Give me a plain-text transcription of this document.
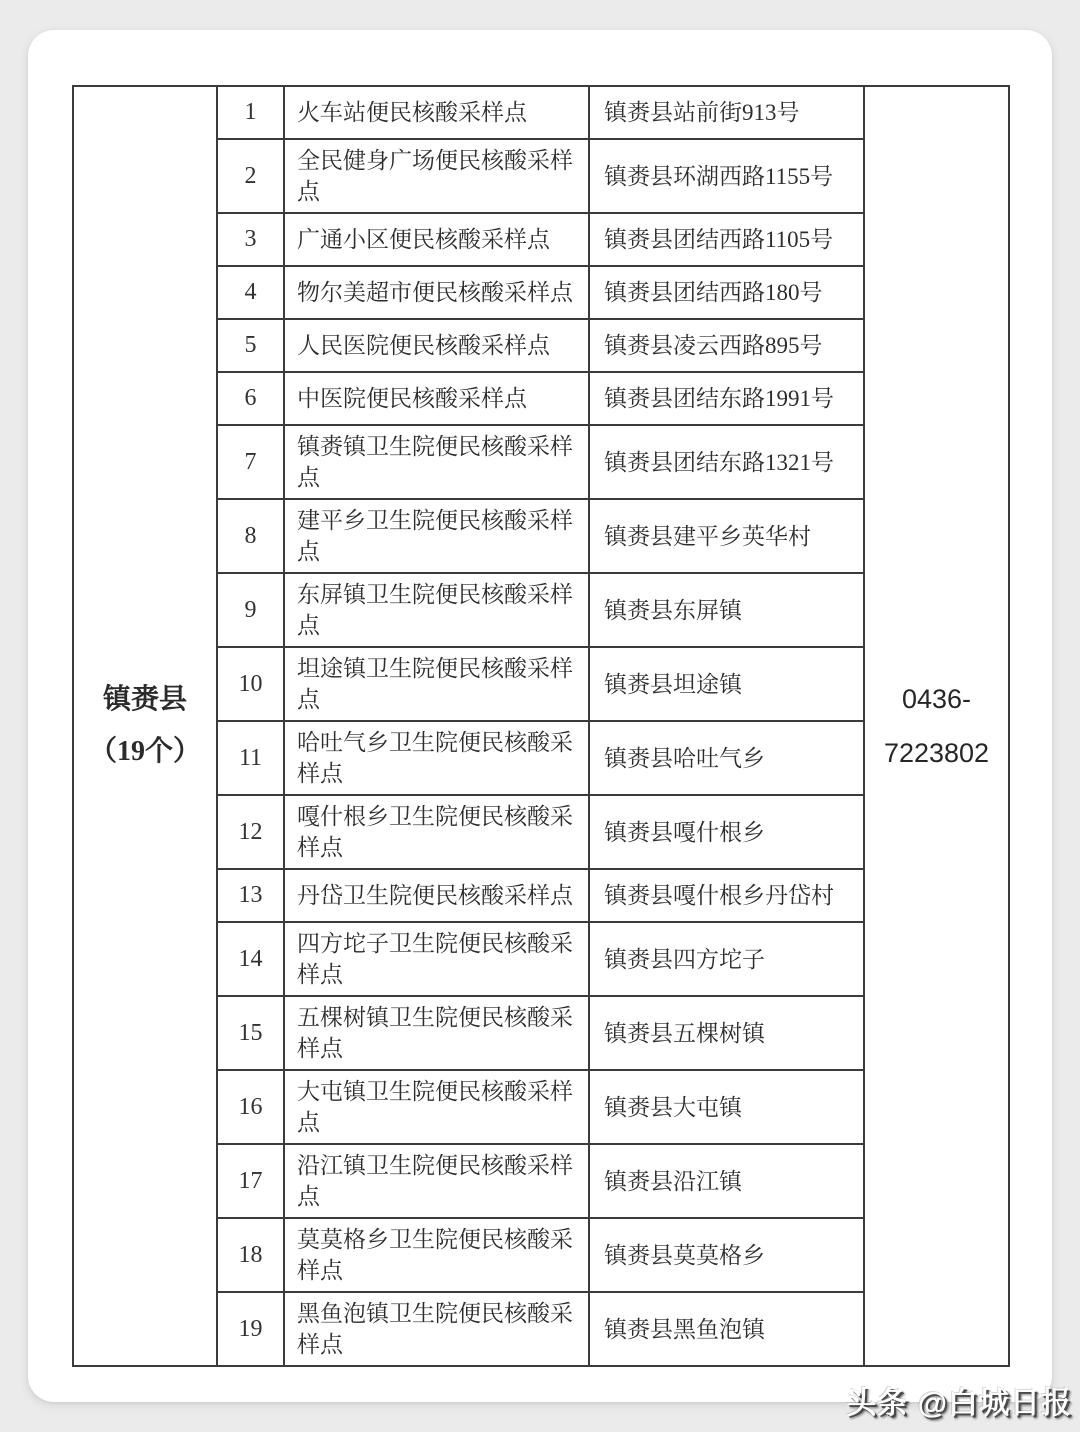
镇赉县
（19个）
	1	火车站便民核酸采样点	镇赉县站前街913号	
0436-
7223802

	2	全民健身广场便民核酸采样点	镇赉县环湖西路1155号	
	3	广通小区便民核酸采样点	镇赉县团结西路1105号	
	4	物尔美超市便民核酸采样点	镇赉县团结西路180号	
	5	人民医院便民核酸采样点	镇赉县凌云西路895号	
	6	中医院便民核酸采样点	镇赉县团结东路1991号	
	7	镇赉镇卫生院便民核酸采样点	镇赉县团结东路1321号	
	8	建平乡卫生院便民核酸采样点	镇赉县建平乡英华村	
	9	东屏镇卫生院便民核酸采样点	镇赉县东屏镇	
	10	坦途镇卫生院便民核酸采样点	镇赉县坦途镇	
	11	哈吐气乡卫生院便民核酸采样点	镇赉县哈吐气乡	
	12	嘎什根乡卫生院便民核酸采样点	镇赉县嘎什根乡	
	13	丹岱卫生院便民核酸采样点	镇赉县嘎什根乡丹岱村	
	14	四方坨子卫生院便民核酸采样点	镇赉县四方坨子	
	15	五棵树镇卫生院便民核酸采样点	镇赉县五棵树镇	
	16	大屯镇卫生院便民核酸采样点	镇赉县大屯镇	
	17	沿江镇卫生院便民核酸采样点	镇赉县沿江镇	
	18	莫莫格乡卫生院便民核酸采样点	镇赉县莫莫格乡	
	19	黑鱼泡镇卫生院便民核酸采样点	镇赉县黑鱼泡镇	
头条 @白城日报
